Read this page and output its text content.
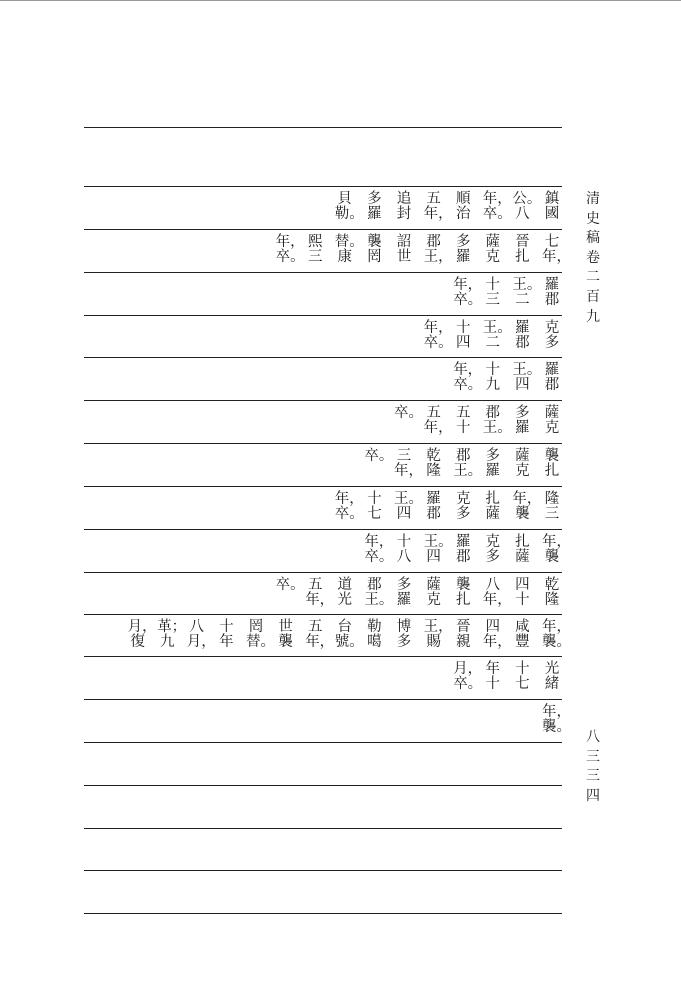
清史稿卷二百九
八三三四
鎮
國
公。
八
年，
卒。
順
治
五
年，
追
封
多
羅
貝
勒。
七
年，
晉
扎
薩
克
多
羅
郡
王，
詔
世
襲
罔
替。
康
熙
三
年，
卒。
羅
郡
王。
二
十
三
年，
卒。
克
多
羅
郡
王。
二
十
四
年，
卒。
羅
郡
王。
四
十
九
年，
卒。
薩
克
多
羅
郡
王。
五
十
五
年，
卒。
襲
扎
薩
克
多
羅
郡
王。
乾
隆
三
年，
卒。
隆
三
年，
襲
扎
薩
克
多
羅
郡
王。
四
十
七
年，
卒。
年，
襲
扎
薩
克
多
羅
郡
王。
四
十
八
年，
卒。
乾
隆
四
十
八
年，
襲
扎
薩
克
多
羅
郡
王。
道
光
五
年，
卒。
年，
襲。
咸
豐
四
年，
晉
親
王，
賜
博
多
勒
噶
台
號。
五
年，
世
襲
罔
替。
十
年
八
月，
革；
九
月，
復
光
緒
十
七
年
十
月，
卒。
年，
襲。
